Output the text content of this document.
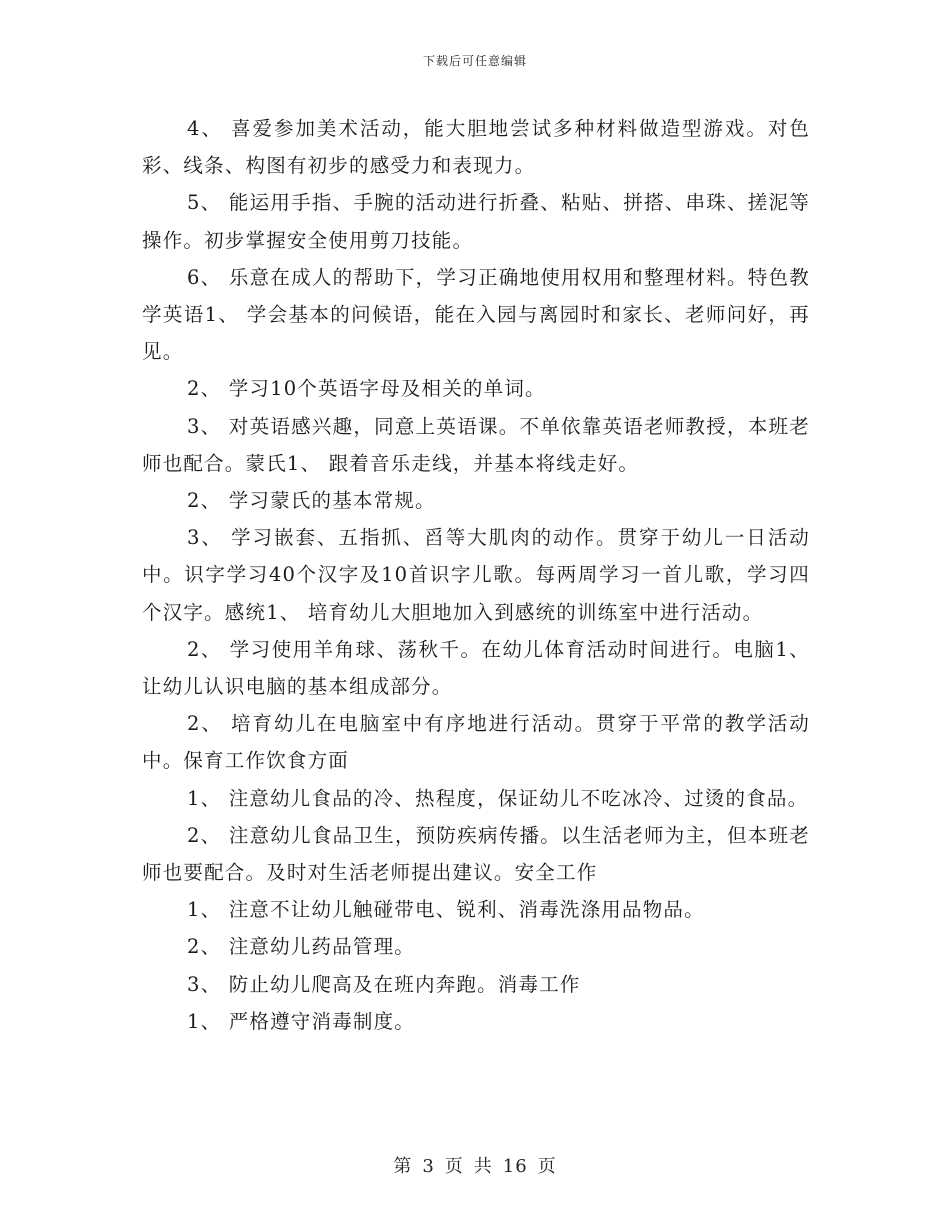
下载后可任意编辑

4、 喜爱参加美术活动，能大胆地尝试多种材料做造型游戏。对色彩、线条、构图有初步的感受力和表现力。

5、 能运用手指、手腕的活动进行折叠、粘贴、拼搭、串珠、搓泥等操作。初步掌握安全使用剪刀技能。

6、 乐意在成人的帮助下，学习正确地使用权用和整理材料。特色教学英语1、 学会基本的问候语，能在入园与离园时和家长、老师问好，再见。

2、 学习10个英语字母及相关的单词。

3、 对英语感兴趣，同意上英语课。不单依靠英语老师教授，本班老师也配合。蒙氏1、 跟着音乐走线，并基本将线走好。

2、 学习蒙氏的基本常规。

3、 学习嵌套、五指抓、舀等大肌肉的动作。贯穿于幼儿一日活动中。识字学习40个汉字及10首识字儿歌。每两周学习一首儿歌，学习四个汉字。感统1、 培育幼儿大胆地加入到感统的训练室中进行活动。

2、 学习使用羊角球、荡秋千。在幼儿体育活动时间进行。电脑1、 让幼儿认识电脑的基本组成部分。

2、 培育幼儿在电脑室中有序地进行活动。贯穿于平常的教学活动中。保育工作饮食方面

1、 注意幼儿食品的冷、热程度，保证幼儿不吃冰冷、过烫的食品。

2、 注意幼儿食品卫生，预防疾病传播。以生活老师为主，但本班老师也要配合。及时对生活老师提出建议。安全工作

1、 注意不让幼儿触碰带电、锐利、消毒洗涤用品物品。

2、 注意幼儿药品管理。

3、 防止幼儿爬高及在班内奔跑。消毒工作

1、 严格遵守消毒制度。

第 3 页 共 16 页
